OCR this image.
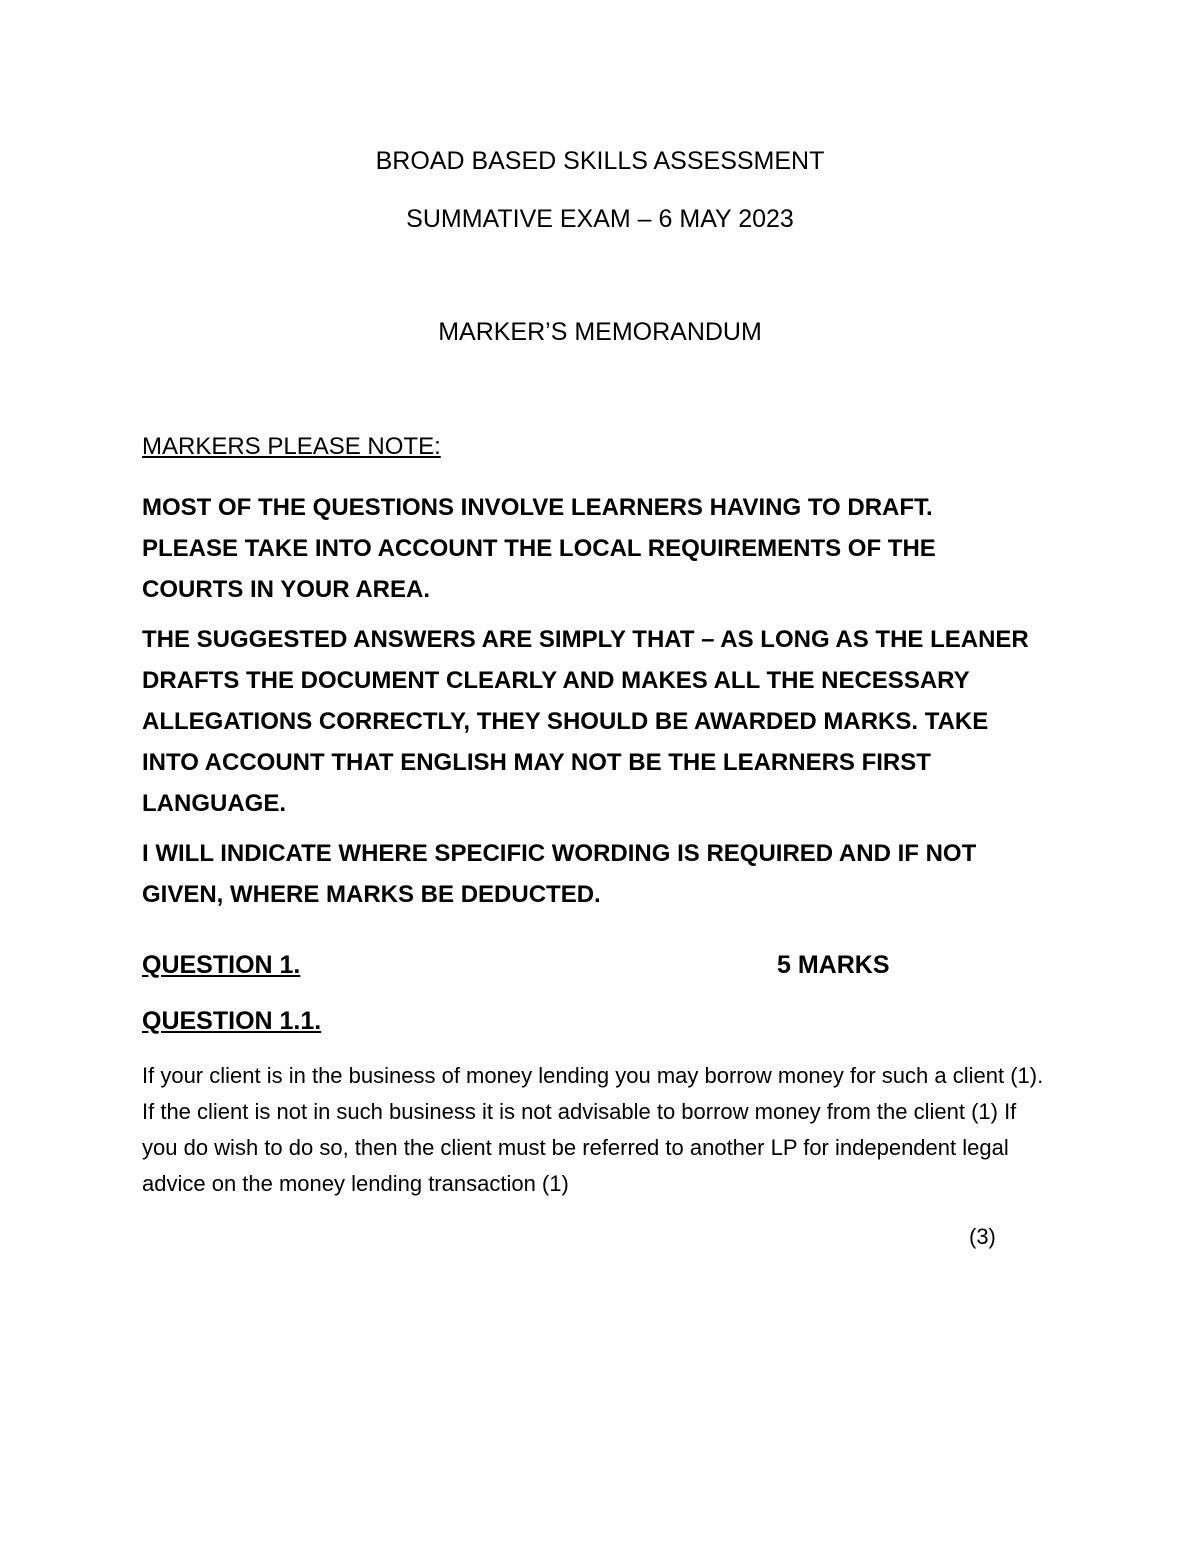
BROAD BASED SKILLS ASSESSMENT
SUMMATIVE EXAM – 6 MAY 2023
MARKER’S MEMORANDUM
MARKERS PLEASE NOTE:

MOST OF THE QUESTIONS INVOLVE LEARNERS HAVING TO DRAFT. PLEASE TAKE INTO ACCOUNT THE LOCAL REQUIREMENTS OF THE COURTS IN YOUR AREA.

THE SUGGESTED ANSWERS ARE SIMPLY THAT – AS LONG AS THE LEANER DRAFTS THE DOCUMENT CLEARLY AND MAKES ALL THE NECESSARY ALLEGATIONS CORRECTLY, THEY SHOULD BE AWARDED MARKS. TAKE INTO ACCOUNT THAT ENGLISH MAY NOT BE THE LEARNERS FIRST LANGUAGE.

I WILL INDICATE WHERE SPECIFIC WORDING IS REQUIRED AND IF NOT GIVEN, WHERE MARKS BE DEDUCTED.

QUESTION 1.	5 MARKS
QUESTION 1.1.

If your client is in the business of money lending you may borrow money for such a client (1). If the client is not in such business it is not advisable to borrow money from the client (1) If you do wish to do so, then the client must be referred to another LP for independent legal advice on the money lending transaction (1)

(3)
